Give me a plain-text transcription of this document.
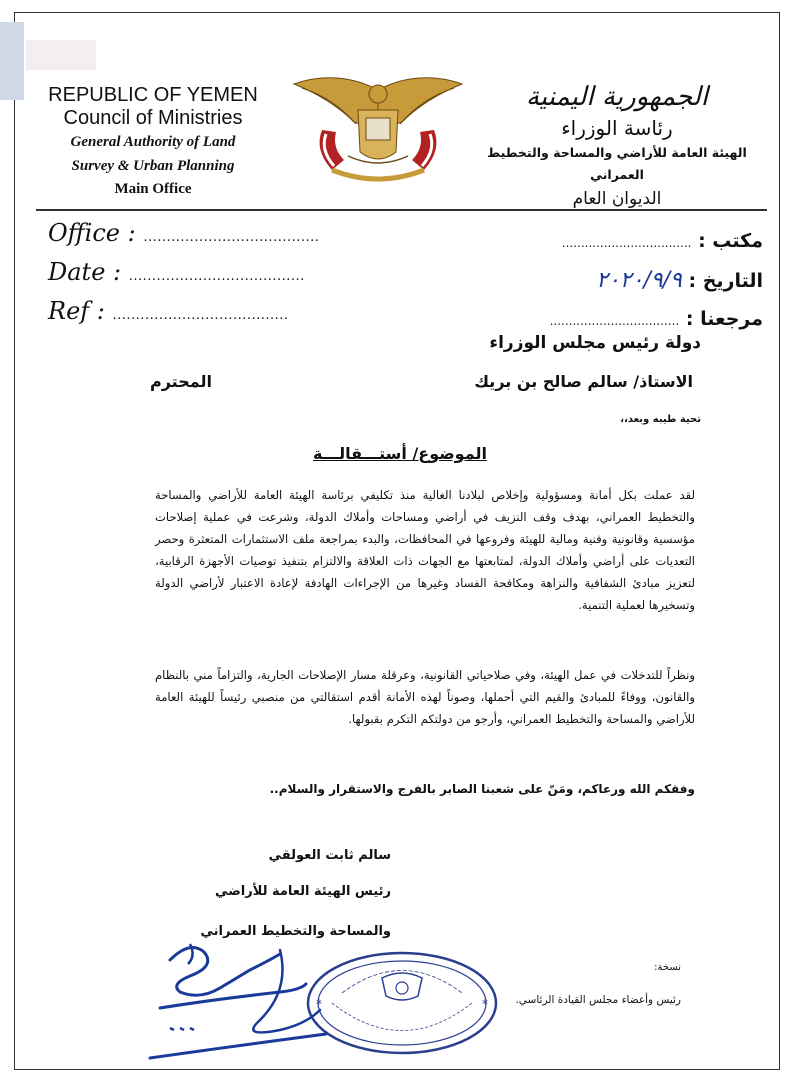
REPUBLIC OF YEMEN
Council of Ministries
General Authority of Land
Survey & Urban Planning
Main Office
الجمهورية اليمنية
رئاسة الوزراء
الهيئة العامة للأراضي والمساحة والتخطيط العمراني
الديوان العام
Office : ......................................
Date : ......................................
Ref : ......................................
مكتب : ..................................
التاريخ : ٢٠٢٠/٩/٩
مرجعنا : ..................................
دولة رئيس مجلس الوزراء
الاستاذ/ سالم صالح بن بريك
المحترم
تحية طيبه وبعد،،
الموضوع/ أستـــقالـــة
لقد عملت بكل أمانة ومسؤولية وإخلاص لبلادنا الغالية منذ تكليفي برئاسة الهيئة العامة للأراضي والمساحة والتخطيط العمراني، بهدف وقف النزيف في أراضي ومساحات وأملاك الدولة، وشرعت في عملية إصلاحات مؤسسية وقانونية وفنية ومالية للهيئة وفروعها في المحافظات، والبدء بمراجعة ملف الاستثمارات المتعثرة وحصر التعديات على أراضي وأملاك الدولة، لمتابعتها مع الجهات ذات العلاقة والالتزام بتنفيذ توصيات الأجهزة الرقابية، لتعزيز مبادئ الشفافية والنزاهة ومكافحة الفساد وغيرها من الإجراءات الهادفة لإعادة الاعتبار لأراضي الدولة وتسخيرها لعملية التنمية.
ونظراً للتدخلات في عمل الهيئة، وفي صلاحياتي القانونية، وعرقلة مسار الإصلاحات الجارية، والتزاماً مني بالنظام والقانون، ووفاءً للمبادئ والقيم التي أحملها، وصوناً لهذه الأمانة أقدم استقالتي من منصبي رئيساً للهيئة العامة للأراضي والمساحة والتخطيط العمراني، وأرجو من دولتكم التكرم بقبولها.
وفقكم الله ورعاكم، ومَنّ على شعبنا الصابر بالفرج والاستقرار والسلام..
سالم ثابت العولقي
رئيس الهيئة العامة للأراضي
والمساحة والتخطيط العمراني
نسخة:
رئيس وأعضاء مجلس القيادة الرئاسي.
*	*
